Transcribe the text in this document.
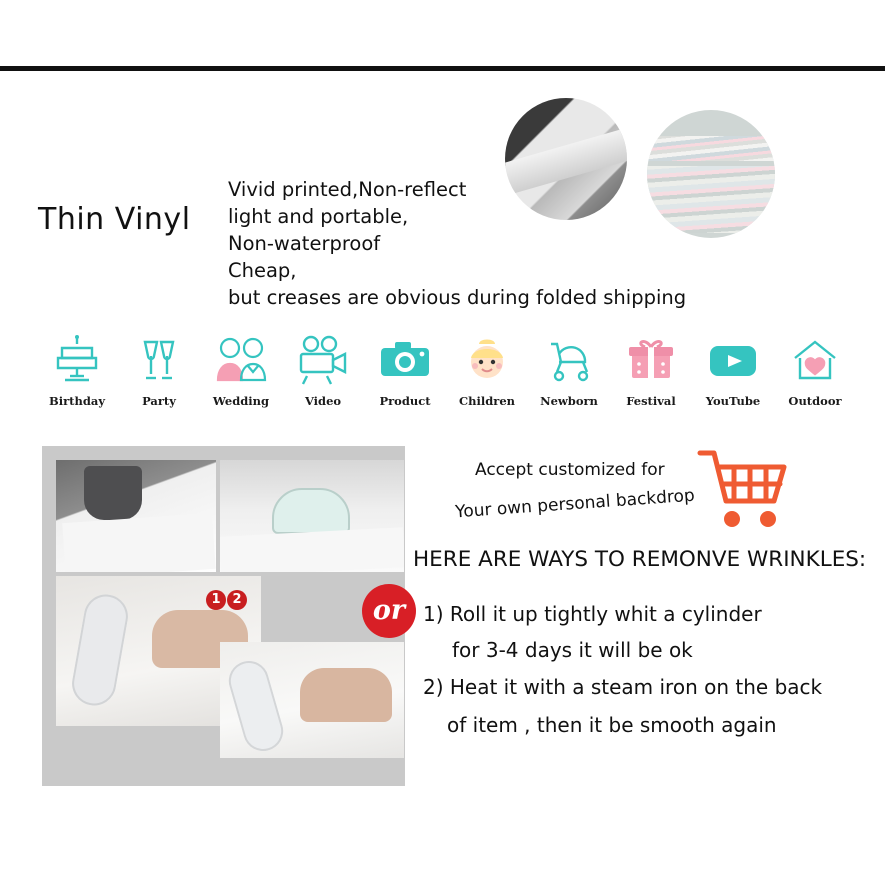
Thin Vinyl
Vivid printed,Non-reflect
light and portable,
Non-waterproof
Cheap,
but creases are obvious during folded shipping
Birthday	Party	Wedding	Video	Product	Children	Newborn	Festival	YouTube	Outdoor
1 2
Accept customized for
Your own personal backdrop
or
HERE ARE WAYS TO REMONVE WRINKLES:
1) Roll it up tightly whit a cylinder
for 3-4 days it will be ok
2) Heat it with a steam iron on the back
of item , then it be smooth again
